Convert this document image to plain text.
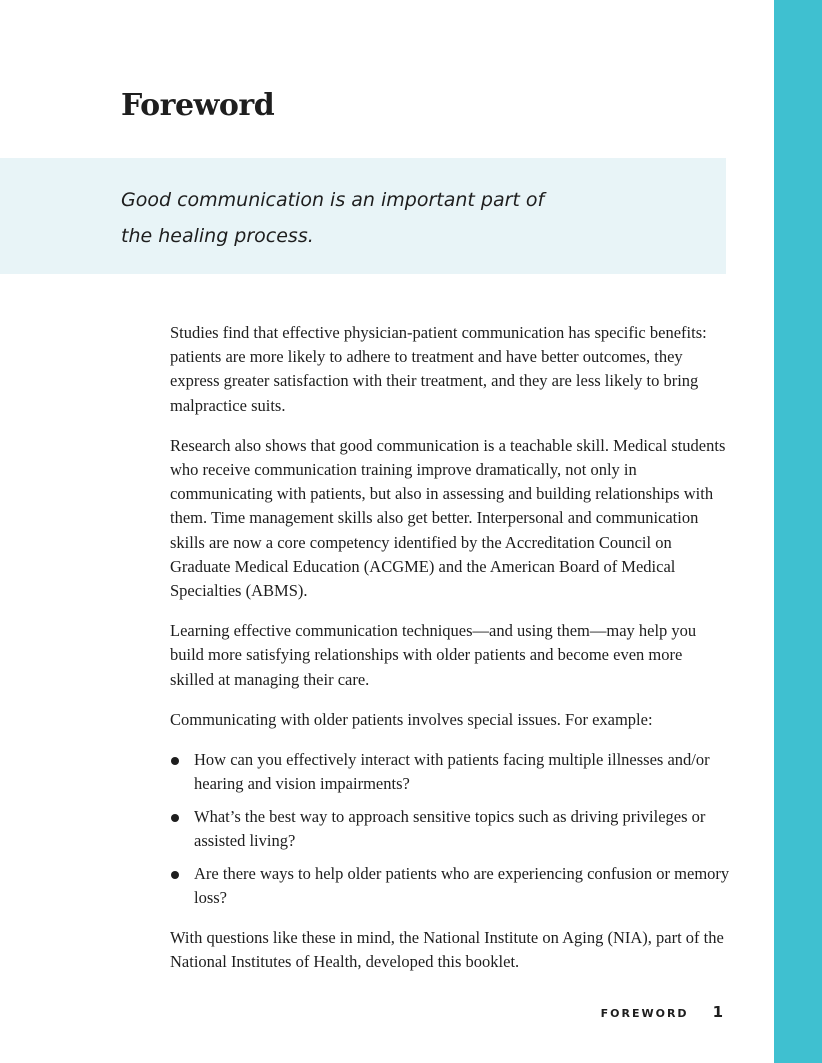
Foreword

Good communication is an important part of
the healing process.

Studies find that effective physician-patient communication has specific benefits: patients are more likely to adhere to treatment and have better outcomes, they express greater satisfaction with their treatment, and they are less likely to bring malpractice suits.

Research also shows that good communication is a teachable skill. Medical students who receive communication training improve dramatically, not only in communicating with patients, but also in assessing and building relationships with them. Time management skills also get better. Interpersonal and communication skills are now a core competency identified by the Accreditation Council on Graduate Medical Education (ACGME) and the American Board of Medical Specialties (ABMS).

Learning effective communication techniques—and using them—may help you build more satisfying relationships with older patients and become even more skilled at managing their care.

Communicating with older patients involves special issues. For example:

How can you effectively interact with patients facing multiple illnesses and/or hearing and vision impairments?
What’s the best way to approach sensitive topics such as driving privileges or assisted living?
Are there ways to help older patients who are experiencing confusion or memory loss?

With questions like these in mind, the National Institute on Aging (NIA), part of the National Institutes of Health, developed this booklet.

FOREWORD 1
